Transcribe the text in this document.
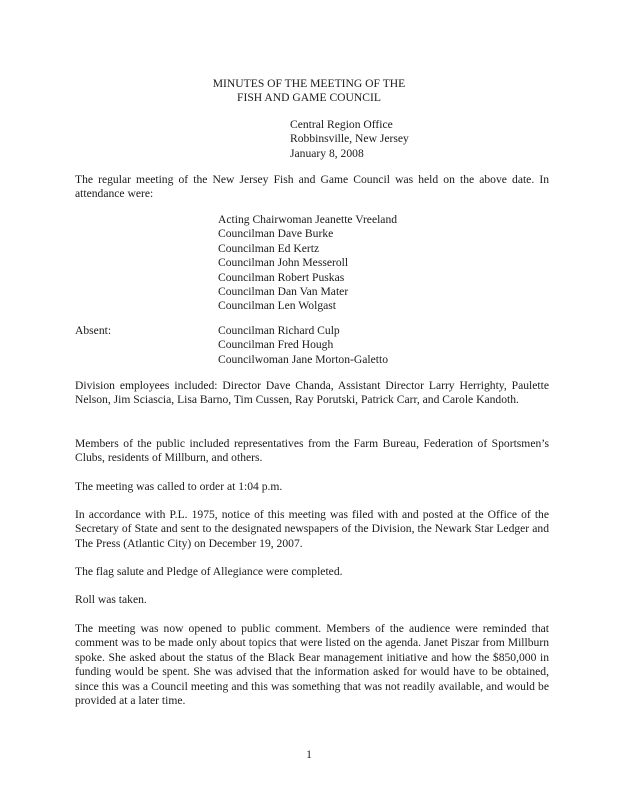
MINUTES OF THE MEETING OF THE
FISH AND GAME COUNCIL
Central Region Office
Robbinsville, New Jersey
January 8, 2008
The regular meeting of the New Jersey Fish and Game Council was held on the above date. In attendance were:
Acting Chairwoman Jeanette Vreeland
Councilman Dave Burke
Councilman Ed Kertz
Councilman John Messeroll
Councilman Robert Puskas
Councilman Dan Van Mater
Councilman Len Wolgast
Absent:	Councilman Richard Culp
Councilman Fred Hough
Councilwoman Jane Morton-Galetto
Division employees included: Director Dave Chanda, Assistant Director Larry Herrighty, Paulette Nelson, Jim Sciascia, Lisa Barno, Tim Cussen, Ray Porutski, Patrick Carr, and Carole Kandoth.
Members of the public included representatives from the Farm Bureau, Federation of Sportsmen’s Clubs, residents of Millburn, and others.
The meeting was called to order at 1:04 p.m.
In accordance with P.L. 1975, notice of this meeting was filed with and posted at the Office of the Secretary of State and sent to the designated newspapers of the Division, the Newark Star Ledger and The Press (Atlantic City) on December 19, 2007.
The flag salute and Pledge of Allegiance were completed.
Roll was taken.
The meeting was now opened to public comment. Members of the audience were reminded that comment was to be made only about topics that were listed on the agenda. Janet Piszar from Millburn spoke. She asked about the status of the Black Bear management initiative and how the $850,000 in funding would be spent. She was advised that the information asked for would have to be obtained, since this was a Council meeting and this was something that was not readily available, and would be provided at a later time.
1
